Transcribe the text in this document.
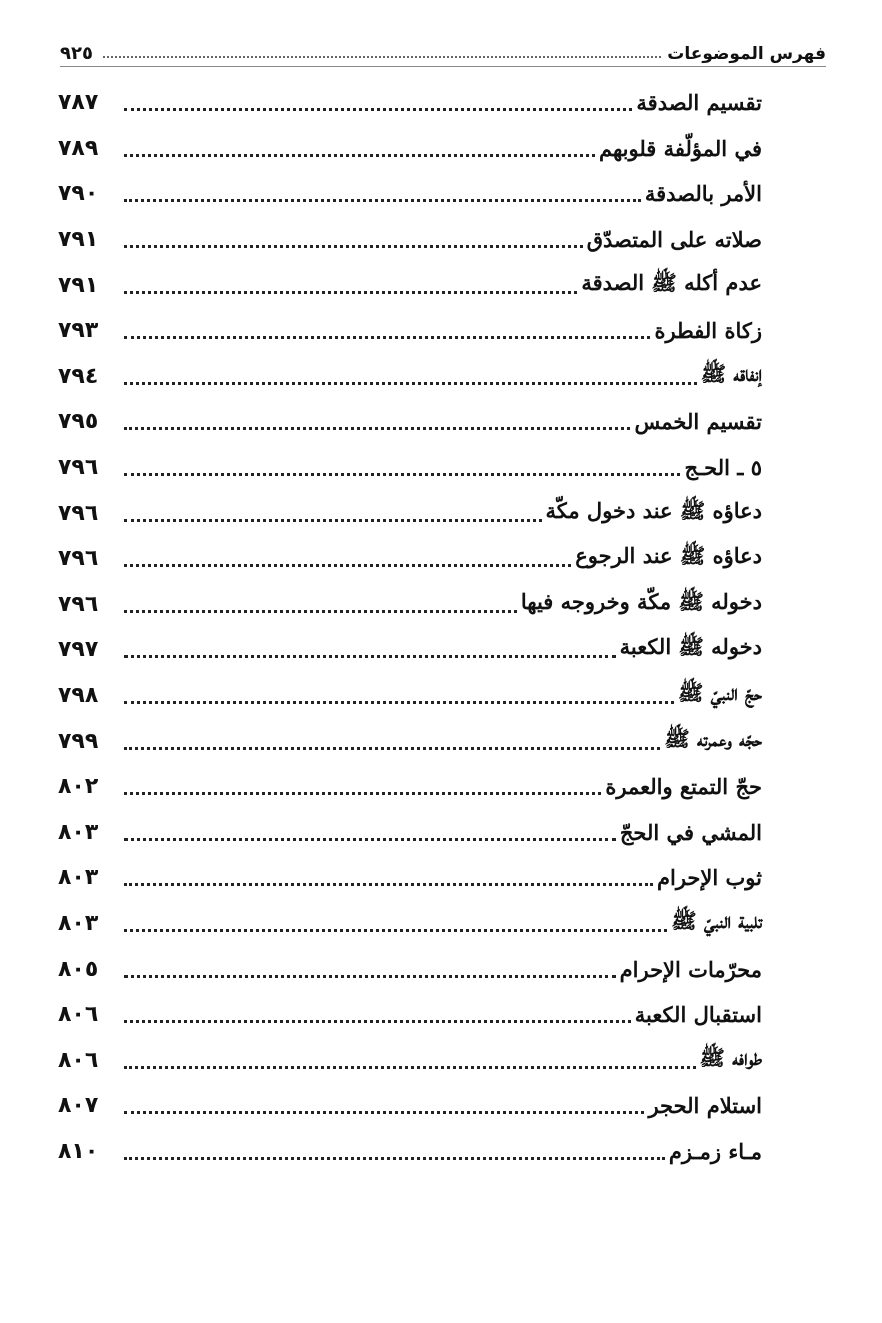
فهرس الموضوعات
٩٢٥
تقسيم الصدقة
٧٨٧
في المؤلّفة قلوبهم
٧٨٩
الأمر بالصدقة
٧٩٠
صلاته على المتصدّق
٧٩١
عدم أكله ﷺ الصدقة
٧٩١
زكاة الفطرة
٧٩٣
إنفاقه ﷺ
٧٩٤
تقسيم الخمس
٧٩٥
٥ ـ الحـج
٧٩٦
دعاؤه ﷺ عند دخول مكّة
٧٩٦
دعاؤه ﷺ عند الرجوع
٧٩٦
دخوله ﷺ مكّة وخروجه فيها
٧٩٦
دخوله ﷺ الكعبة
٧٩٧
حجّ النبيّ ﷺ
٧٩٨
حجّه وعمرته ﷺ
٧٩٩
حجّ التمتع والعمرة
٨٠٢
المشي في الحجّ
٨٠٣
ثوب الإحرام
٨٠٣
تلبية النبيّ ﷺ
٨٠٣
محرّمات الإحرام
٨٠٥
استقبال الكعبة
٨٠٦
طوافه ﷺ
٨٠٦
استلام الحجر
٨٠٧
مـاء زمـزم
٨١٠
